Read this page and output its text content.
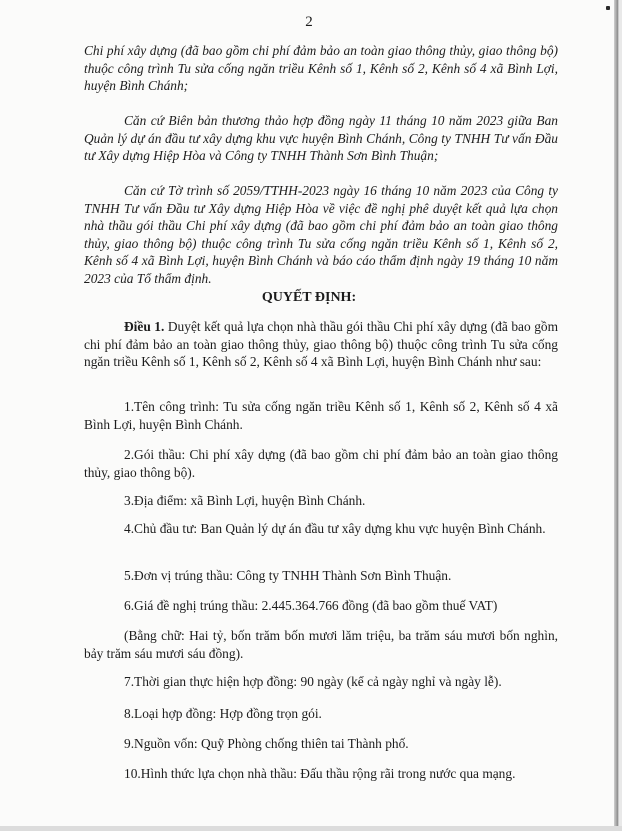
2

Chi phí xây dựng (đã bao gồm chi phí đảm bảo an toàn giao thông thủy, giao thông bộ) thuộc công trình Tu sửa cống ngăn triều Kênh số 1, Kênh số 2, Kênh số 4 xã Bình Lợi, huyện Bình Chánh;

Căn cứ Biên bản thương thảo hợp đồng ngày 11 tháng 10 năm 2023 giữa Ban Quản lý dự án đầu tư xây dựng khu vực huyện Bình Chánh, Công ty TNHH Tư vấn Đầu tư Xây dựng Hiệp Hòa và Công ty TNHH Thành Sơn Bình Thuận;

Căn cứ Tờ trình số 2059/TTHH-2023 ngày 16 tháng 10 năm 2023 của Công ty TNHH Tư vấn Đầu tư Xây dựng Hiệp Hòa về việc đề nghị phê duyệt kết quả lựa chọn nhà thầu gói thầu Chi phí xây dựng (đã bao gồm chi phí đảm bảo an toàn giao thông thủy, giao thông bộ) thuộc công trình Tu sửa cống ngăn triều Kênh số 1, Kênh số 2, Kênh số 4 xã Bình Lợi, huyện Bình Chánh và báo cáo thẩm định ngày 19 tháng 10 năm 2023 của Tổ thẩm định.

QUYẾT ĐỊNH:

Điều 1. Duyệt kết quả lựa chọn nhà thầu gói thầu Chi phí xây dựng (đã bao gồm chi phí đảm bảo an toàn giao thông thủy, giao thông bộ) thuộc công trình Tu sửa cống ngăn triều Kênh số 1, Kênh số 2, Kênh số 4 xã Bình Lợi, huyện Bình Chánh như sau:

1.Tên công trình: Tu sửa cống ngăn triều Kênh số 1, Kênh số 2, Kênh số 4 xã Bình Lợi, huyện Bình Chánh.

2.Gói thầu: Chi phí xây dựng (đã bao gồm chi phí đảm bảo an toàn giao thông thủy, giao thông bộ).

3.Địa điểm: xã Bình Lợi, huyện Bình Chánh.

4.Chủ đầu tư: Ban Quản lý dự án đầu tư xây dựng khu vực huyện Bình Chánh.

5.Đơn vị trúng thầu: Công ty TNHH Thành Sơn Bình Thuận.

6.Giá đề nghị trúng thầu: 2.445.364.766 đồng (đã bao gồm thuế VAT)

(Bằng chữ: Hai tỷ, bốn trăm bốn mươi lăm triệu, ba trăm sáu mươi bốn nghìn, bảy trăm sáu mươi sáu đồng).

7.Thời gian thực hiện hợp đồng: 90 ngày (kể cả ngày nghỉ và ngày lễ).

8.Loại hợp đồng: Hợp đồng trọn gói.

9.Nguồn vốn: Quỹ Phòng chống thiên tai Thành phố.

10.Hình thức lựa chọn nhà thầu: Đấu thầu rộng rãi trong nước qua mạng.
